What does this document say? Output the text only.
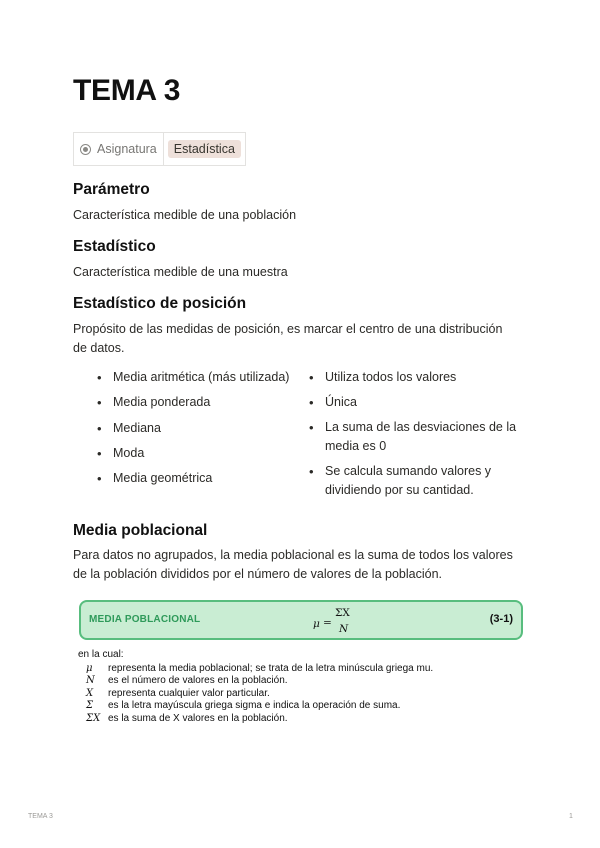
TEMA 3
Asignatura	Estadística
Parámetro

Característica medible de una población

Estadístico

Característica medible de una muestra

Estadístico de posición

Propósito de las medidas de posición, es marcar el centro de una distribución

de datos.

• Media aritmética (más utilizada)
• Media ponderada
• Mediana
• Moda
• Media geométrica
• Utiliza todos los valores
• Única
• La suma de las desviaciones de la media es 0
• Se calcula sumando valores y dividiendo por su cantidad.
Media poblacional

Para datos no agrupados, la media poblacional es la suma de todos los valores

de la población divididos por el número de valores de la población.

MEDIA POBLACIONAL	μ =
ΣX
N
(3-1)
en la cual:
μ	representa la media poblacional; se trata de la letra minúscula griega mu.
N	es el número de valores en la población.
X	representa cualquier valor particular.
Σ	es la letra mayúscula griega sigma e indica la operación de suma.
ΣX es la suma de X valores en la población.
TEMA 3	1
